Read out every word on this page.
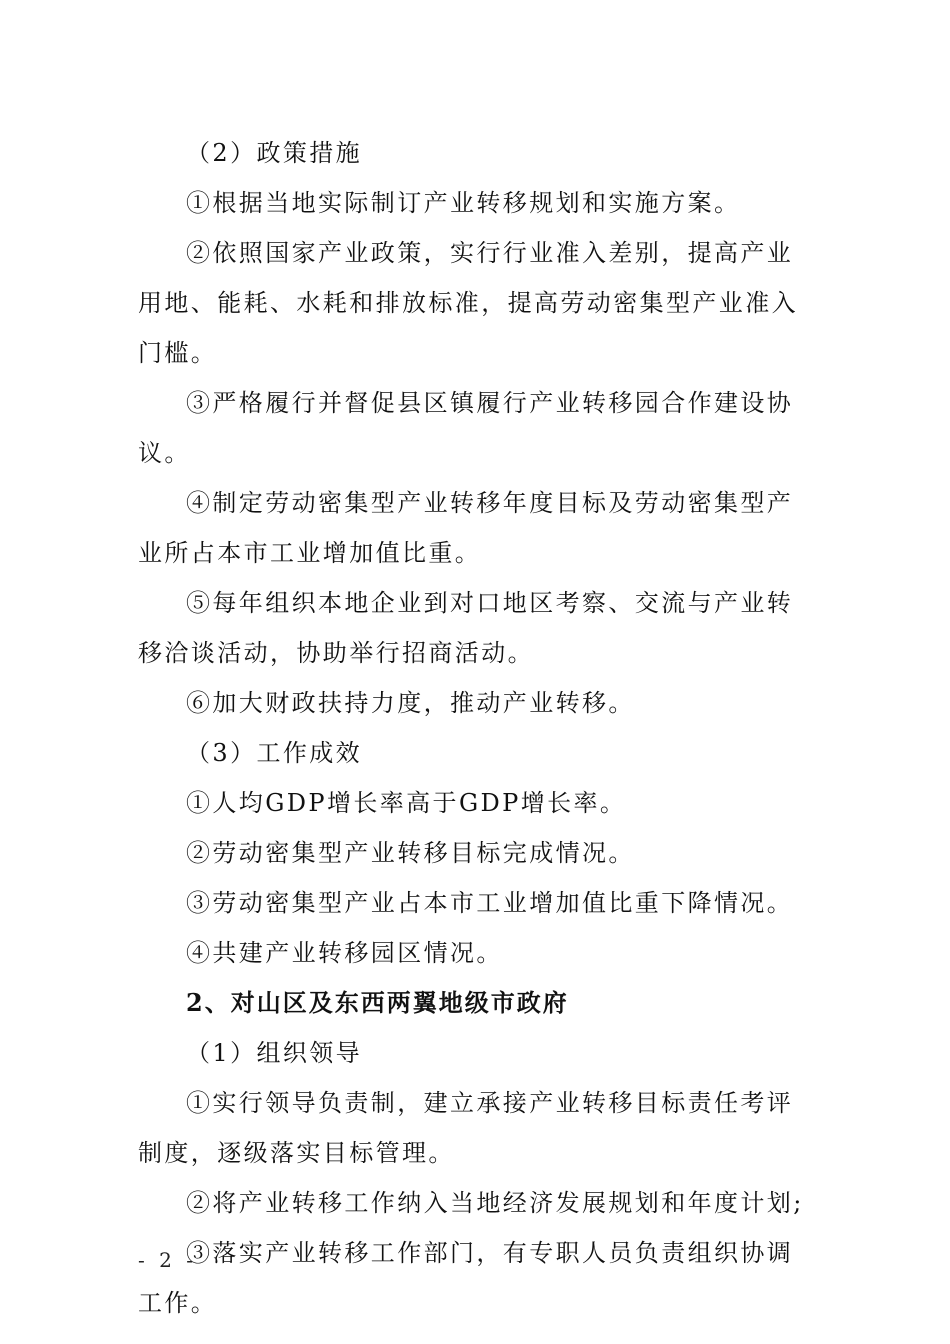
（2）政策措施

①根据当地实际制订产业转移规划和实施方案。

②依照国家产业政策，实行行业准入差别，提高产业用地、能耗、水耗和排放标准，提高劳动密集型产业准入门槛。

③严格履行并督促县区镇履行产业转移园合作建设协议。

④制定劳动密集型产业转移年度目标及劳动密集型产业所占本市工业增加值比重。

⑤每年组织本地企业到对口地区考察、交流与产业转移洽谈活动，协助举行招商活动。

⑥加大财政扶持力度，推动产业转移。

（3）工作成效

①人均GDP增长率高于GDP增长率。

②劳动密集型产业转移目标完成情况。

③劳动密集型产业占本市工业增加值比重下降情况。

④共建产业转移园区情况。

2、对山区及东西两翼地级市政府

（1）组织领导

①实行领导负责制，建立承接产业转移目标责任考评制度，逐级落实目标管理。

②将产业转移工作纳入当地经济发展规划和年度计划;

③落实产业转移工作部门，有专职人员负责组织协调工作。

- 2 -
